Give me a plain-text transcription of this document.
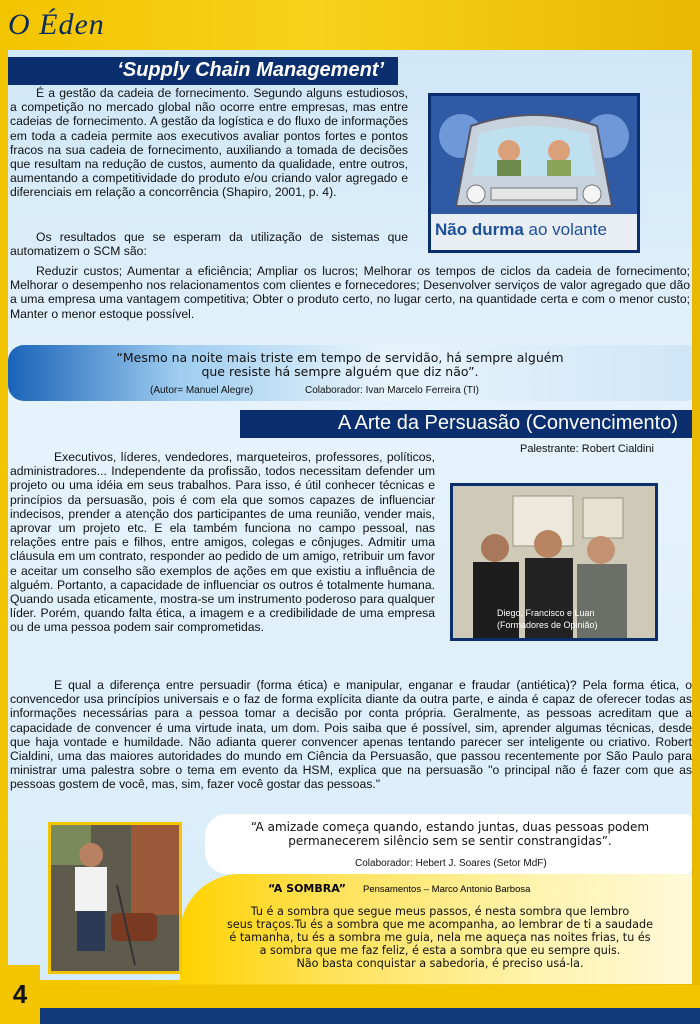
O Éden
‘Supply Chain Management’

É a gestão da cadeia de fornecimento. Segundo alguns estudiosos, a competição no mercado global não ocorre entre empresas, mas entre cadeias de fornecimento. A gestão da logística e do fluxo de informações em toda a cadeia permite aos executivos avaliar pontos fortes e pontos fracos na sua cadeia de fornecimento, auxiliando a tomada de decisões que resultam na redução de custos, aumento da qualidade, entre outros, aumentando a competitividade do produto e/ou criando valor agregado e diferenciais em relação a concorrência (Shapiro, 2001, p. 4).

Os resultados que se esperam da utilização de sistemas que automatizem o SCM são:

Reduzir custos; Aumentar a eficiência; Ampliar os lucros; Melhorar os tempos de ciclos da cadeia de fornecimento; Melhorar o desempenho nos relacionamentos com clientes e fornecedores; Desenvolver serviços de valor agregado que dão a uma empresa uma vantagem competitiva; Obter o produto certo, no lugar certo, na quantidade certa e com o menor custo; Manter o menor estoque possível.

Não durma ao volante
“Mesmo na noite mais triste em tempo de servidão, há sempre alguém
que resiste há sempre alguém que diz não”.
(Autor= Manuel Alegre)	Colaborador: Ivan Marcelo Ferreira (TI)
A Arte da Persuasão (Convencimento)
Palestrante: Robert Cialdini

Executivos, líderes, vendedores, marqueteiros, professores, políticos, administradores... Independente da profissão, todos necessitam defender um projeto ou uma idéia em seus trabalhos. Para isso, é útil conhecer técnicas e princípios da persuasão, pois é com ela que somos capazes de influenciar indecisos, prender a atenção dos participantes de uma reunião, vender mais, aprovar um projeto etc. E ela também funciona no campo pessoal, nas relações entre pais e filhos, entre amigos, colegas e cônjuges. Admitir uma cláusula em um contrato, responder ao pedido de um amigo, retribuir um favor e aceitar um conselho são exemplos de ações em que existiu a influência de alguém. Portanto, a capacidade de influenciar os outros é totalmente humana. Quando usada eticamente, mostra-se um instrumento poderoso para qualquer líder. Porém, quando falta ética, a imagem e a credibilidade de uma empresa ou de uma pessoa podem sair comprometidas.

Diego, Francisco e Luan
(Formadores de Opinião)

E qual a diferença entre persuadir (forma ética) e manipular, enganar e fraudar (antiética)? Pela forma ética, o convencedor usa princípios universais e o faz de forma explícita diante da outra parte, e ainda é capaz de oferecer todas as informações necessárias para a pessoa tomar a decisão por conta própria. Geralmente, as pessoas acreditam que a capacidade de convencer é uma virtude inata, um dom. Pois saiba que é possível, sim, aprender algumas técnicas, desde que haja vontade e humildade. Não adianta querer convencer apenas tentando parecer ser inteligente ou criativo. Robert Cialdini, uma das maiores autoridades do mundo em Ciência da Persuasão, que passou recentemente por São Paulo para ministrar uma palestra sobre o tema em evento da HSM, explica que na persuasão "o principal não é fazer com que as pessoas gostem de você, mas, sim, fazer você gostar das pessoas."

“A amizade começa quando, estando juntas, duas pessoas podem
permanecerem silêncio sem se sentir constrangidas”.
Colaborador: Hebert J. Soares (Setor MdF)
“A SOMBRA” Pensamentos – Marco Antonio Barbosa
Tu é a sombra que segue meus passos, é nesta sombra que lembro
seus traços.Tu és a sombra que me acompanha, ao lembrar de ti a saudade
é tamanha, tu és a sombra me guia, nela me aqueça nas noites frias, tu és
a sombra que me faz feliz, é esta a sombra que eu sempre quis.
Não basta conquistar a sabedoria, é preciso usá-la.
4
